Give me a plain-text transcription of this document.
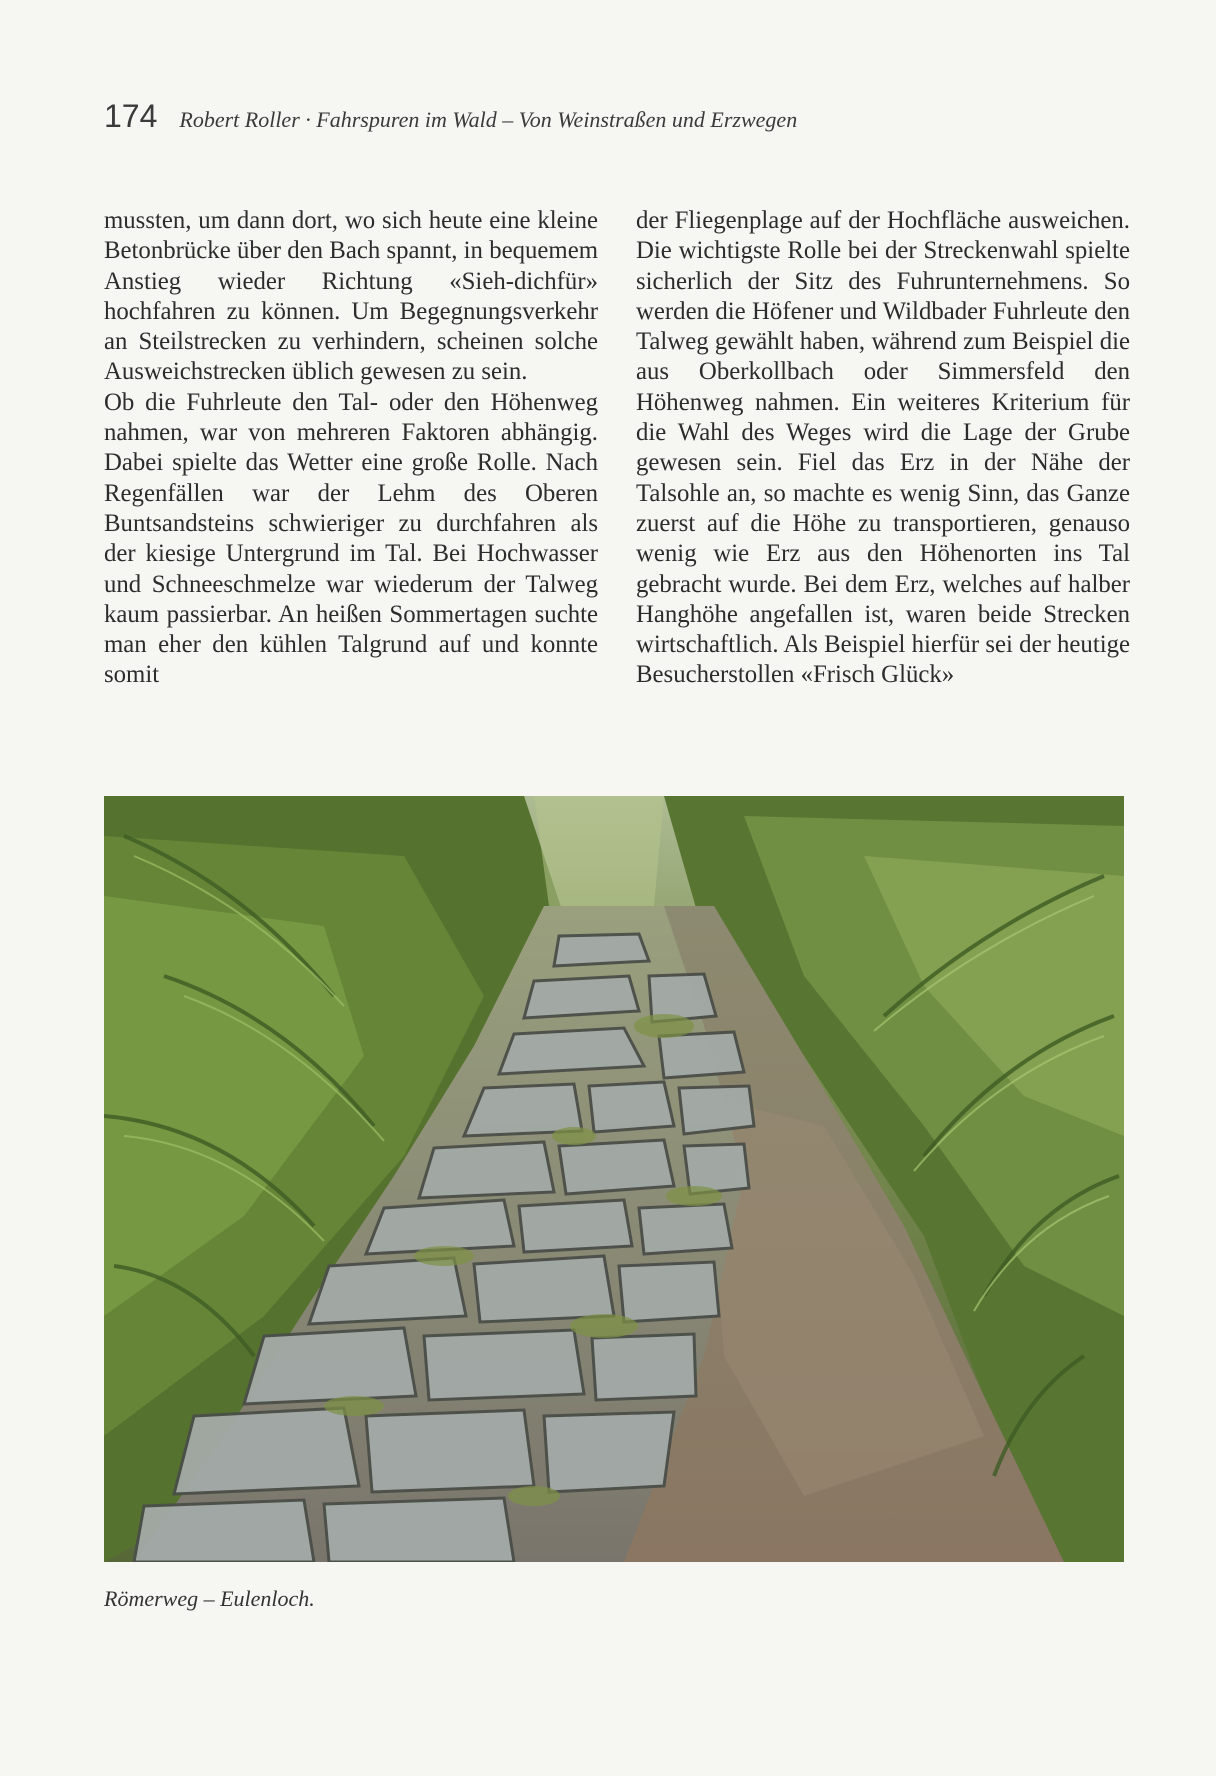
174 Robert Roller · Fahrspuren im Wald – Von Weinstraßen und Erzwegen

mussten, um dann dort, wo sich heute eine kleine Betonbrücke über den Bach spannt, in bequemem Anstieg wieder Richtung «Sieh-dichfür» hochfahren zu können. Um Begegnungsverkehr an Steilstrecken zu verhindern, scheinen solche Ausweichstrecken üblich gewesen zu sein.

Ob die Fuhrleute den Tal- oder den Höhenweg nahmen, war von mehreren Faktoren abhängig. Dabei spielte das Wetter eine große Rolle. Nach Regenfällen war der Lehm des Oberen Buntsandsteins schwieriger zu durchfahren als der kiesige Untergrund im Tal. Bei Hochwasser und Schneeschmelze war wiederum der Talweg kaum passierbar. An heißen Sommertagen suchte man eher den kühlen Talgrund auf und konnte somit

der Fliegenplage auf der Hochfläche ausweichen. Die wichtigste Rolle bei der Streckenwahl spielte sicherlich der Sitz des Fuhrunternehmens. So werden die Höfener und Wildbader Fuhrleute den Talweg gewählt haben, während zum Beispiel die aus Oberkollbach oder Simmersfeld den Höhenweg nahmen. Ein weiteres Kriterium für die Wahl des Weges wird die Lage der Grube gewesen sein. Fiel das Erz in der Nähe der Talsohle an, so machte es wenig Sinn, das Ganze zuerst auf die Höhe zu transportieren, genauso wenig wie Erz aus den Höhenorten ins Tal gebracht wurde. Bei dem Erz, welches auf halber Hanghöhe angefallen ist, waren beide Strecken wirtschaftlich. Als Beispiel hierfür sei der heutige Besucherstollen «Frisch Glück»

Römerweg – Eulenloch.
